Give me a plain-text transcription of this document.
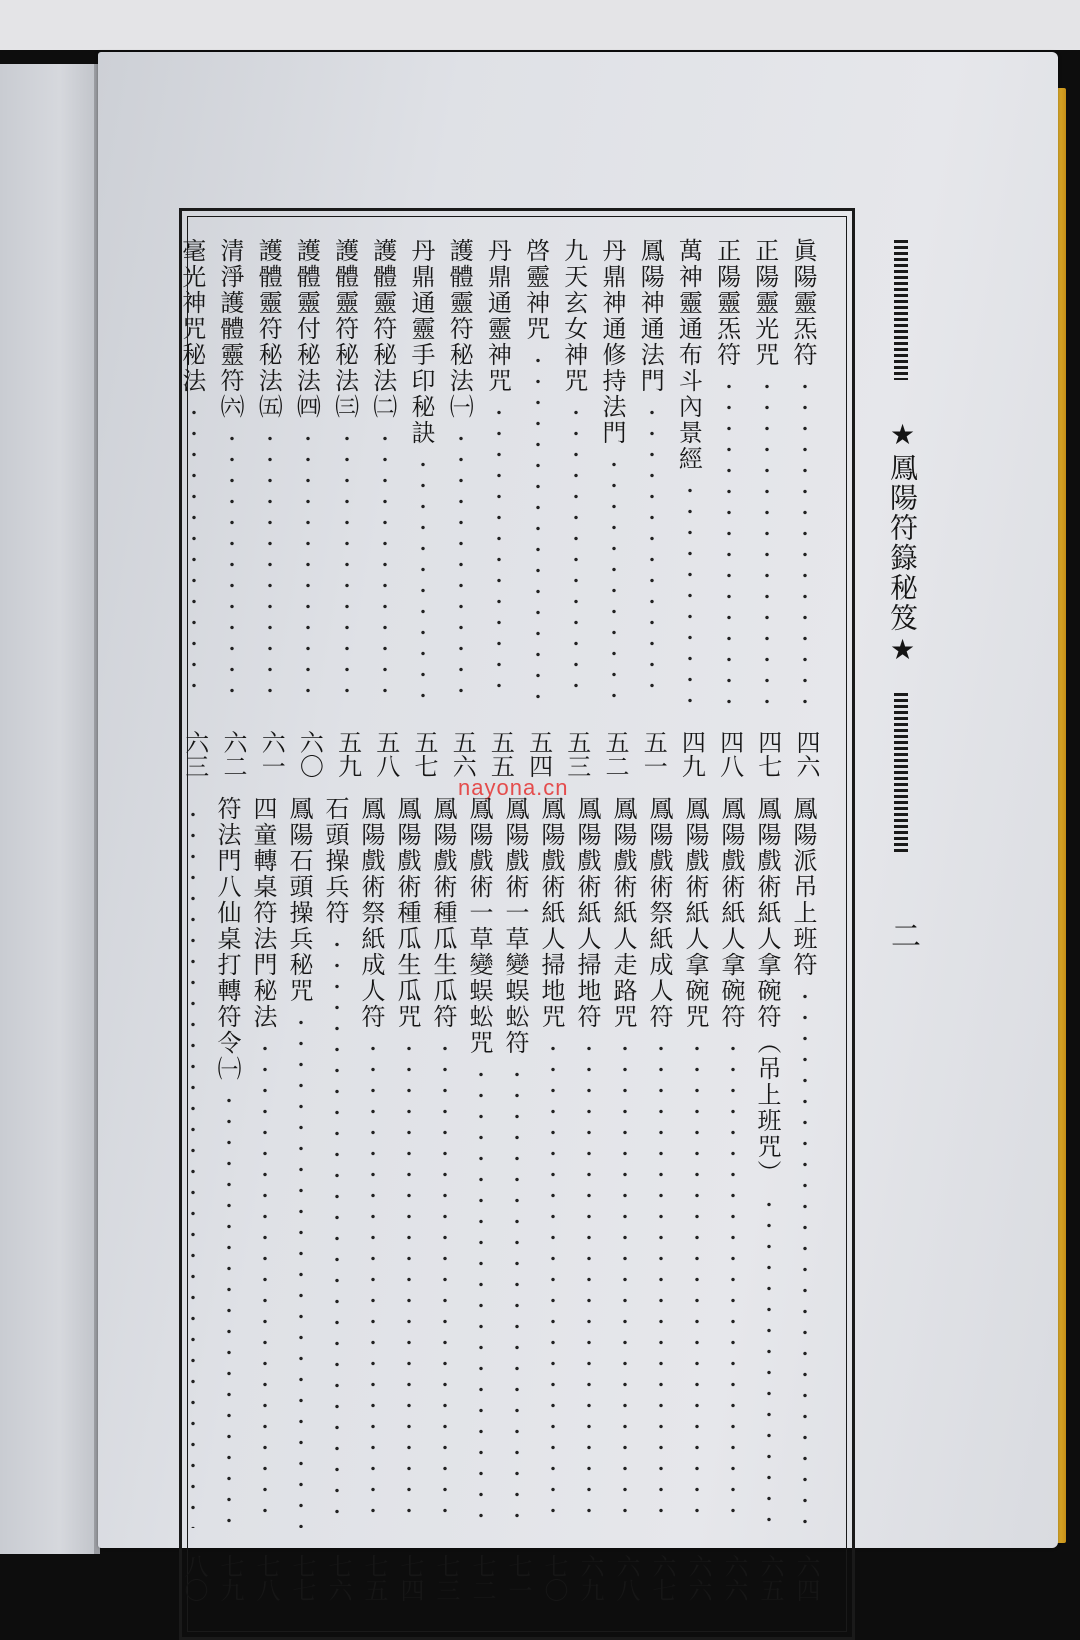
★鳳陽符籙秘笈★
二
nayona.cn
眞陽靈炁符
四六
正陽靈光咒
四七
正陽靈炁符
四八
萬神靈通布斗內景經
四九
鳳陽神通法門
五一
丹鼎神通修持法門
五二
九天玄女神咒
五三
啓靈神咒
五四
丹鼎通靈神咒
五五
護體靈符秘法㈠
五六
丹鼎通靈手印秘訣
五七
護體靈符秘法㈡
五八
護體靈符秘法㈢
五九
護體靈付秘法㈣
六〇
護體靈符秘法㈤
六一
清淨護體靈符㈥
六二
毫光神咒秘法
六三
鳳陽派吊上班符
六四
鳳陽戲術紙人拿碗符（吊上班咒）
六五
鳳陽戲術紙人拿碗符
六六
鳳陽戲術紙人拿碗咒
六六
鳳陽戲術祭紙成人符
六七
鳳陽戲術紙人走路咒
六八
鳳陽戲術紙人掃地符
六九
鳳陽戲術紙人掃地咒
七〇
鳳陽戲術一草變蜈蚣符
七一
鳳陽戲術一草變蜈蚣咒
七二
鳳陽戲術種瓜生瓜符
七三
鳳陽戲術種瓜生瓜咒
七四
鳳陽戲術祭紙成人符
七五
石頭操兵符
七六
鳳陽石頭操兵秘咒
七七
四童轉桌符法門秘法
七八
符法門八仙桌打轉符令㈠
七九
八〇
